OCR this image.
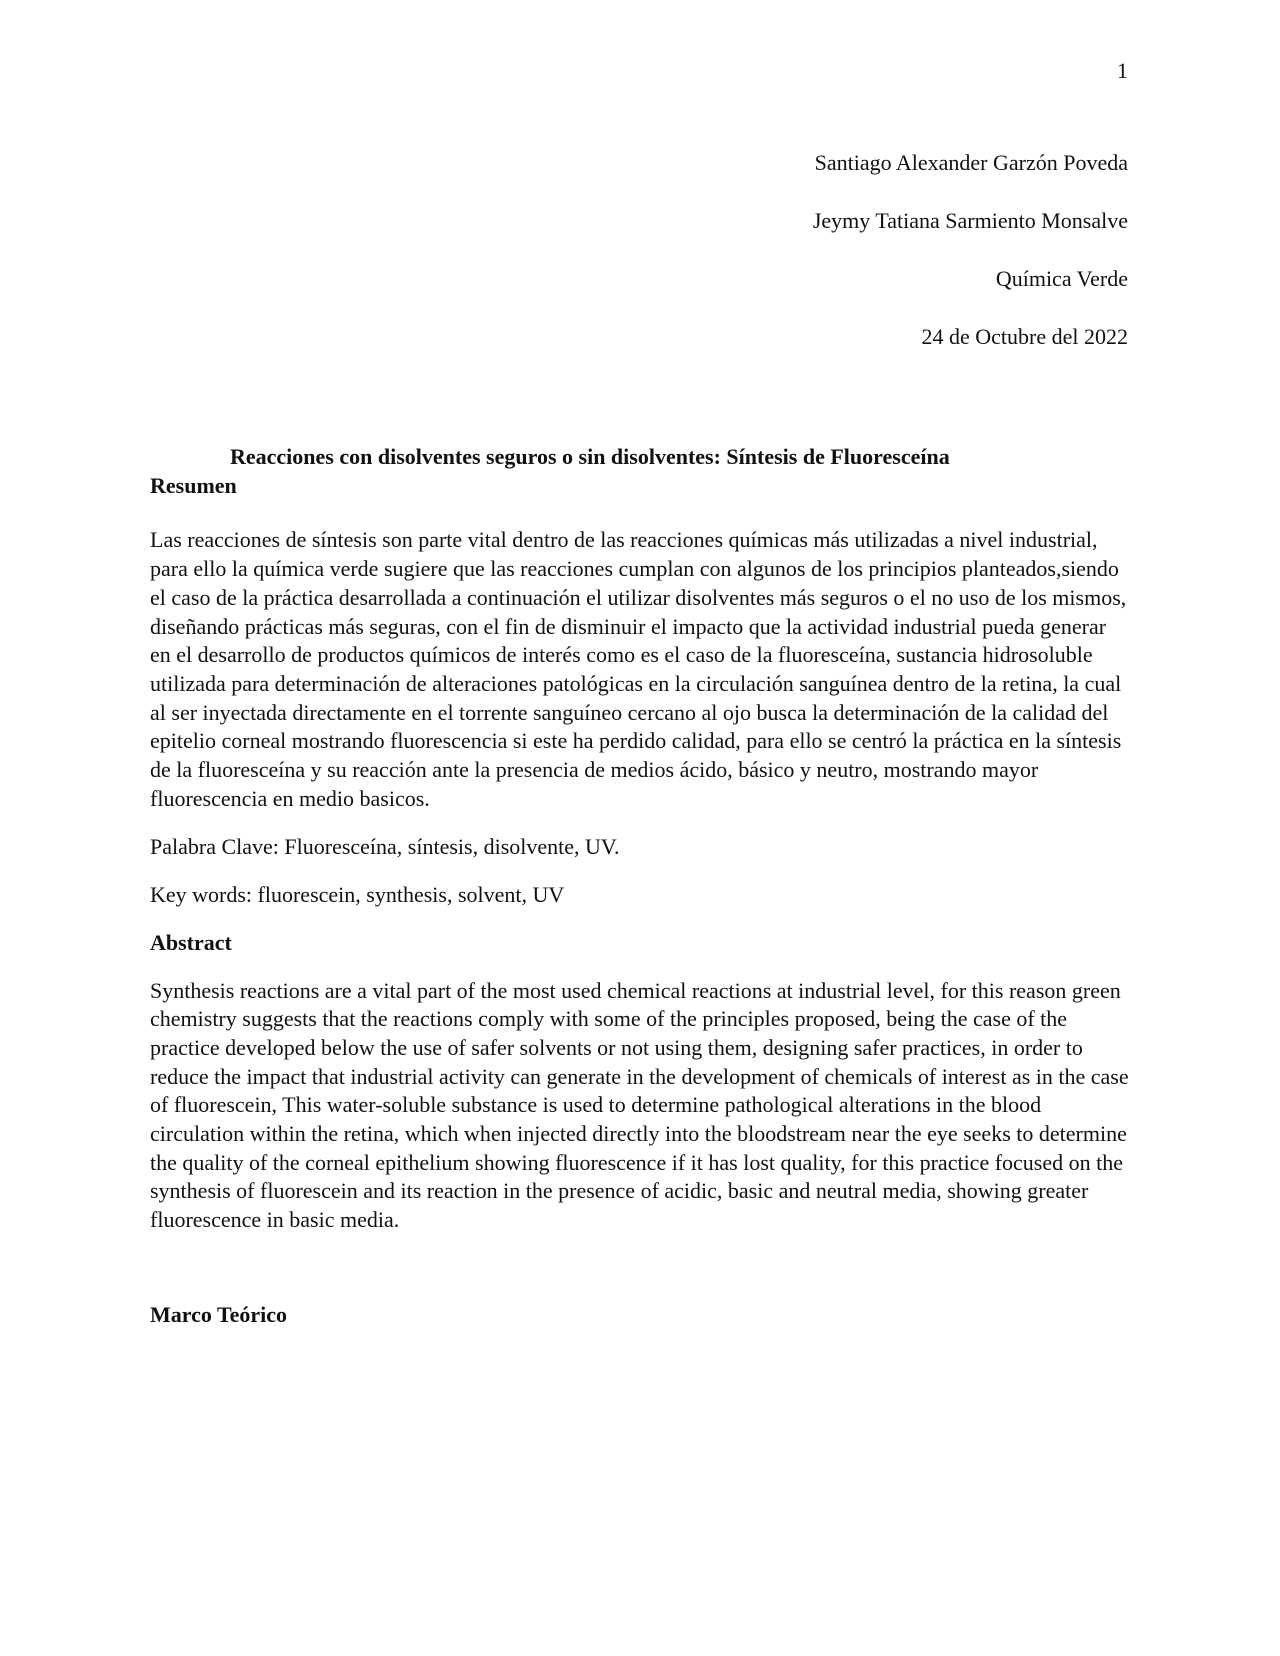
1
Santiago Alexander Garzón Poveda
Jeymy Tatiana Sarmiento Monsalve
Química Verde
24 de Octubre del 2022
Reacciones con disolventes seguros o sin disolventes: Síntesis de Fluoresceína
Resumen

Las reacciones de síntesis son parte vital dentro de las reacciones químicas más utilizadas a nivel industrial, para ello la química verde sugiere que las reacciones cumplan con algunos de los principios planteados,siendo el caso de la práctica desarrollada a continuación el utilizar disolventes más seguros o el no uso de los mismos, diseñando prácticas más seguras, con el fin de disminuir el impacto que la actividad industrial pueda generar en el desarrollo de productos químicos de interés como es el caso de la fluoresceína, sustancia hidrosoluble utilizada para determinación de alteraciones patológicas en la circulación sanguínea dentro de la retina, la cual al ser inyectada directamente en el torrente sanguíneo cercano al ojo busca la determinación de la calidad del epitelio corneal mostrando fluorescencia si este ha perdido calidad, para ello se centró la práctica en la síntesis de la fluoresceína y su reacción ante la presencia de medios ácido, básico y neutro, mostrando mayor fluorescencia en medio basicos.

Palabra Clave: Fluoresceína, síntesis, disolvente, UV.

Key words: fluorescein, synthesis, solvent, UV

Abstract

Synthesis reactions are a vital part of the most used chemical reactions at industrial level, for this reason green chemistry suggests that the reactions comply with some of the principles proposed, being the case of the practice developed below the use of safer solvents or not using them, designing safer practices, in order to reduce the impact that industrial activity can generate in the development of chemicals of interest as in the case of fluorescein, This water-soluble substance is used to determine pathological alterations in the blood circulation within the retina, which when injected directly into the bloodstream near the eye seeks to determine the quality of the corneal epithelium showing fluorescence if it has lost quality, for this practice focused on the synthesis of fluorescein and its reaction in the presence of acidic, basic and neutral media, showing greater fluorescence in basic media.

Marco Teórico
